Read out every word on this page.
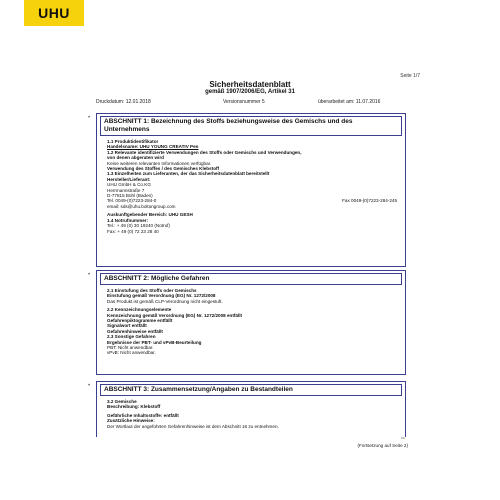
UHU
Seite 1/7
Sicherheitsdatenblatt
gemäß 1907/2006/EG, Artikel 31
Druckdatum: 12.01.2018	Versionsnummer 5	überarbeitet am: 11.07.2016
•
•
•
ABSCHNITT 1: Bezeichnung des Stoffs beziehungsweise des Gemischs und des Unternehmens
1.1 Produktidentifikator
Handelsname: UHU YOUNG CREATIV Pen
1.2 Relevante identifizierte Verwendungen des Stoffs oder Gemischs und Verwendungen,
von denen abgeraten wird
Keine weiteren relevanten Informationen verfügbar.
Verwendung des Stoffes / des Gemisches Klebstoff
1.3 Einzelheiten zum Lieferanten, der das Sicherheitsdatenblatt bereitstellt
Hersteller/Lieferant:
UHU GmbH & Co.KG
Herrmannstraße 7
D-77815 Bühl (Baden)
Tel. 0049-(0)7223-284-0	Fax 0049-(0)7223-284-245
email: sds@uhu.boltongroup.com
Auskunftgebender Bereich: UHU GESH
1.4 Notrufnummer:
Tel.: + 49 (0) 30 19240 (Notruf)
Fax: + 49 (0) 72 23 28 40
ABSCHNITT 2: Mögliche Gefahren
2.1 Einstufung des Stoffs oder Gemischs
Einstufung gemäß Verordnung (EG) Nr. 1272/2008
Das Produkt ist gemäß CLP-Verordnung nicht eingestuft.
2.2 Kennzeichnungselemente
Kennzeichnung gemäß Verordnung (EG) Nr. 1272/2008 entfällt
Gefahrenpiktogramme entfällt
Signalwort entfällt
Gefahrenhinweise entfällt
2.3 Sonstige Gefahren
Ergebnisse der PBT- und vPvB-Beurteilung
PBT: Nicht anwendbar.
vPvB: Nicht anwendbar.
ABSCHNITT 3: Zusammensetzung/Angaben zu Bestandteilen
3.2 Gemische
Beschreibung: Klebstoff
Gefährliche Inhaltsstoffe: entfällt
Zusätzliche Hinweise:
Der Wortlaut der angeführten Gefahrenhinweise ist dem Abschnitt 16 zu entnehmen.
DE
(Fortsetzung auf Seite 2)
